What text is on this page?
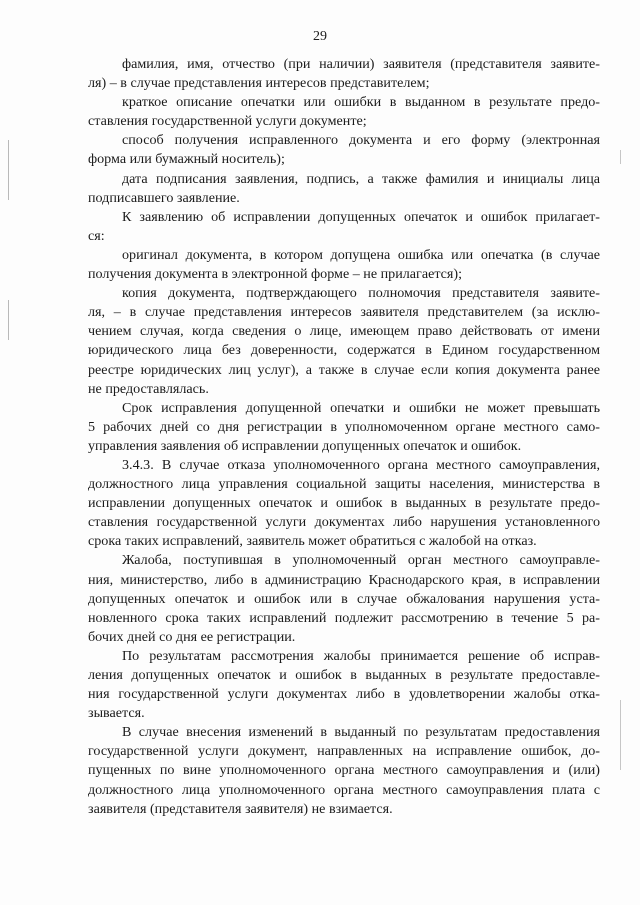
29
фамилия, имя, отчество (при наличии) заявителя (представителя заявите-
ля) – в случае представления интересов представителем;
краткое описание опечатки или ошибки в выданном в результате предо-
ставления государственной услуги документе;
способ получения исправленного документа и его форму (электронная
форма или бумажный носитель);
дата подписания заявления, подпись, а также фамилия и инициалы лица
подписавшего заявление.
К заявлению об исправлении допущенных опечаток и ошибок прилагает-
ся:
оригинал документа, в котором допущена ошибка или опечатка (в случае
получения документа в электронной форме – не прилагается);
копия документа, подтверждающего полномочия представителя заявите-
ля, – в случае представления интересов заявителя представителем (за исклю-
чением случая, когда сведения о лице, имеющем право действовать от имени
юридического лица без доверенности, содержатся в Едином государственном
реестре юридических лиц услуг), а также в случае если копия документа ранее
не предоставлялась.
Срок исправления допущенной опечатки и ошибки не может превышать
5 рабочих дней со дня регистрации в уполномоченном органе местного само-
управления заявления об исправлении допущенных опечаток и ошибок.
3.4.3. В случае отказа уполномоченного органа местного самоуправления,
должностного лица управления социальной защиты населения, министерства в
исправлении допущенных опечаток и ошибок в выданных в результате предо-
ставления государственной услуги документах либо нарушения установленного
срока таких исправлений, заявитель может обратиться с жалобой на отказ.
Жалоба, поступившая в уполномоченный орган местного самоуправле-
ния, министерство, либо в администрацию Краснодарского края, в исправлении
допущенных опечаток и ошибок или в случае обжалования нарушения уста-
новленного срока таких исправлений подлежит рассмотрению в течение 5 ра-
бочих дней со дня ее регистрации.
По результатам рассмотрения жалобы принимается решение об исправ-
ления допущенных опечаток и ошибок в выданных в результате предоставле-
ния государственной услуги документах либо в удовлетворении жалобы отка-
зывается.
В случае внесения изменений в выданный по результатам предоставления
государственной услуги документ, направленных на исправление ошибок, до-
пущенных по вине уполномоченного органа местного самоуправления и (или)
должностного лица уполномоченного органа местного самоуправления плата с
заявителя (представителя заявителя) не взимается.
